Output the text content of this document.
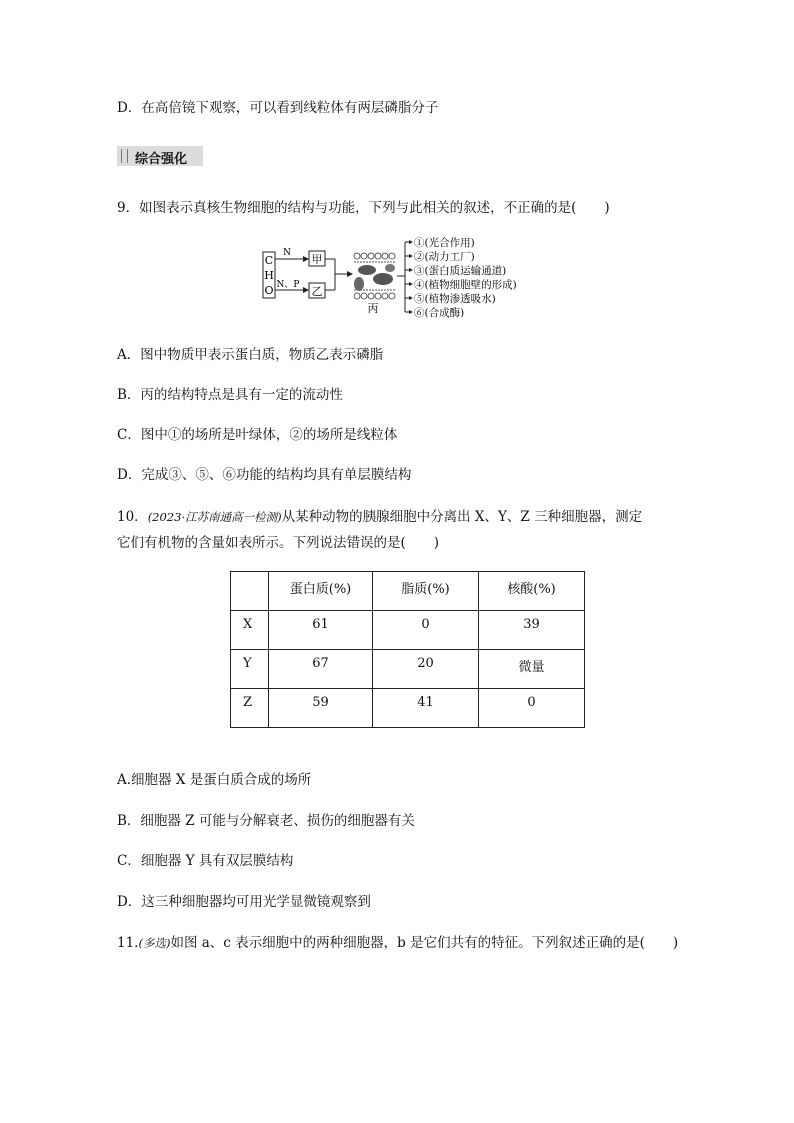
D．在高倍镜下观察，可以看到线粒体有两层磷脂分子
综合强化
9．如图表示真核生物细胞的结构与功能，下列与此相关的叙述，不正确的是( )
C
H
O
N
N、P
甲
乙
丙
①(光合作用)
②(动力工厂)
③(蛋白质运输通道)
④(植物细胞壁的形成)
⑤(植物渗透吸水)
⑥(合成酶)
A．图中物质甲表示蛋白质，物质乙表示磷脂
B．丙的结构特点是具有一定的流动性
C．图中①的场所是叶绿体，②的场所是线粒体
D．完成③、⑤、⑥功能的结构均具有单层膜结构
10．(2023·江苏南通高一检测)从某种动物的胰腺细胞中分离出 X、Y、Z 三种细胞器，测定
它们有机物的含量如表所示。下列说法错误的是( )
	蛋白质(%)	脂质(%)	核酸(%)
X	61	0	39
Y	67	20	微量
Z	59	41	0
A.细胞器 X 是蛋白质合成的场所
B．细胞器 Z 可能与分解衰老、损伤的细胞器有关
C．细胞器 Y 具有双层膜结构
D．这三种细胞器均可用光学显微镜观察到
11.(多选)如图 a、c 表示细胞中的两种细胞器，b 是它们共有的特征。下列叙述正确的是( )
